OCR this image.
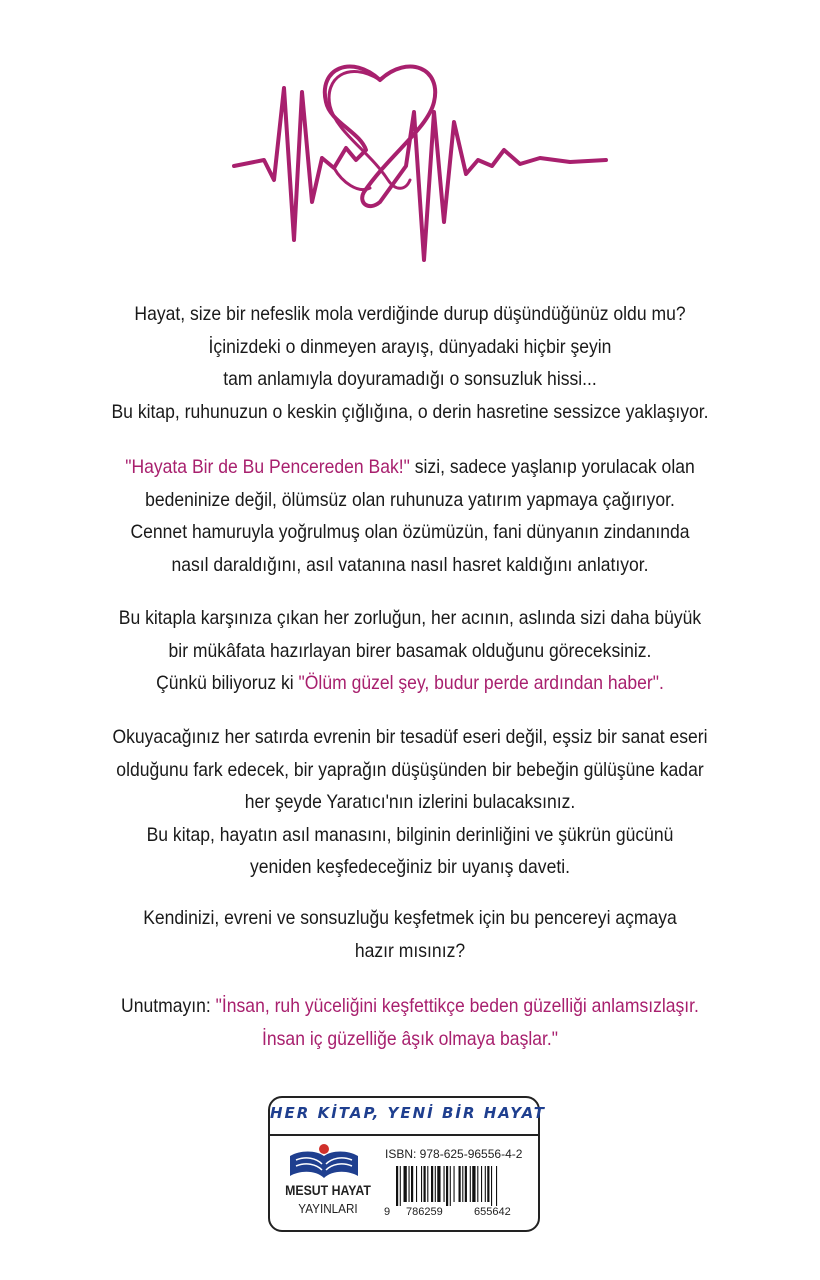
Hayat, size bir nefeslik mola verdiğinde durup düşündüğünüz oldu mu?
İçinizdeki o dinmeyen arayış, dünyadaki hiçbir şeyin
tam anlamıyla doyuramadığı o sonsuzluk hissi...
Bu kitap, ruhunuzun o keskin çığlığına, o derin hasretine sessizce yaklaşıyor.
"Hayata Bir de Bu Pencereden Bak!" sizi, sadece yaşlanıp yorulacak olan
bedeninize değil, ölümsüz olan ruhunuza yatırım yapmaya çağırıyor.
Cennet hamuruyla yoğrulmuş olan özümüzün, fani dünyanın zindanında
nasıl daraldığını, asıl vatanına nasıl hasret kaldığını anlatıyor.
Bu kitapla karşınıza çıkan her zorluğun, her acının, aslında sizi daha büyük
bir mükâfata hazırlayan birer basamak olduğunu göreceksiniz.
Çünkü biliyoruz ki "Ölüm güzel şey, budur perde ardından haber".
Okuyacağınız her satırda evrenin bir tesadüf eseri değil, eşsiz bir sanat eseri
olduğunu fark edecek, bir yaprağın düşüşünden bir bebeğin gülüşüne kadar
her şeyde Yaratıcı'nın izlerini bulacaksınız.
Bu kitap, hayatın asıl manasını, bilginin derinliğini ve şükrün gücünü
yeniden keşfedeceğiniz bir uyanış daveti.
Kendinizi, evreni ve sonsuzluğu keşfetmek için bu pencereyi açmaya
hazır mısınız?
Unutmayın: "İnsan, ruh yüceliğini keşfettikçe beden güzelliği anlamsızlaşır.
İnsan iç güzelliğe âşık olmaya başlar."
HER KİTAP, YENİ BİR HAYAT
MESUT HAYAT
YAYINLARI
ISBN: 978-625-96556-4-2
9 786259	655642
